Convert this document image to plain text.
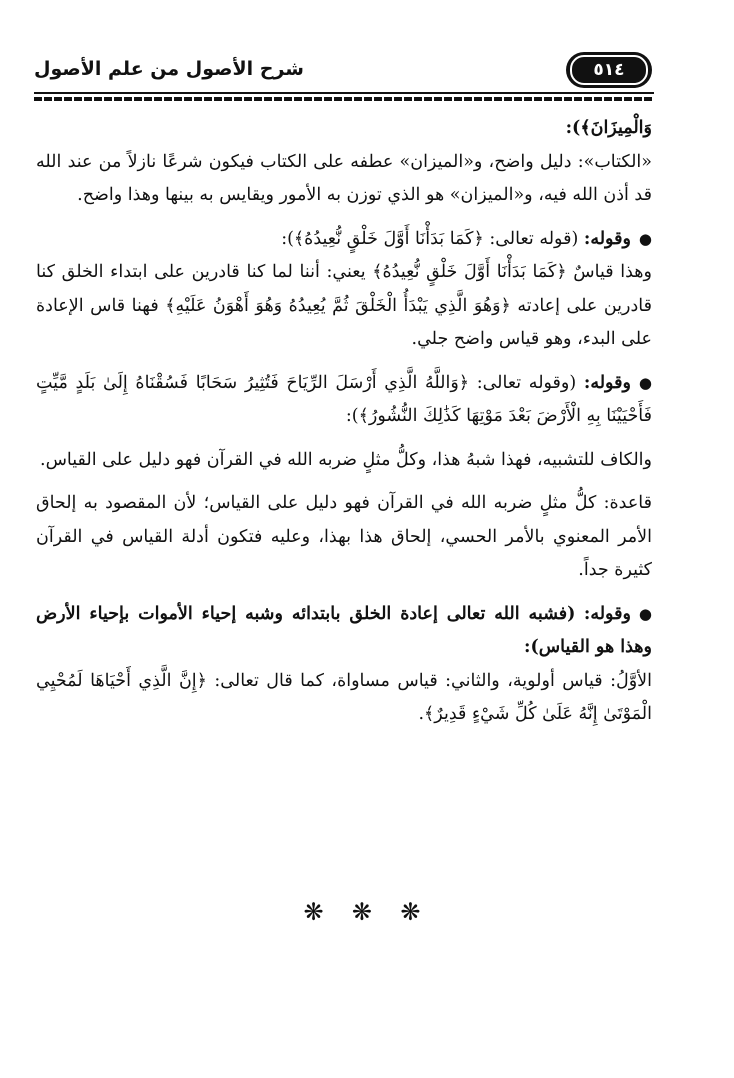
شرح الأصول من علم الأصول	٥١٤

وَالْمِيزَانَ﴾):

«الكتاب»: دليل واضح، و«الميزان» عطفه على الكتاب فيكون شرعًا نازلاً من عند الله قد أذن الله فيه، و«الميزان» هو الذي توزن به الأمور ويقايس به بينها وهذا واضح.

●وقوله: (قوله تعالى: ﴿كَمَا بَدَأْنَا أَوَّلَ خَلْقٍ نُّعِيدُهُ﴾):

وهذا قياسٌ ﴿كَمَا بَدَأْنَا أَوَّلَ خَلْقٍ نُّعِيدُهُ﴾ يعني: أننا لما كنا قادرين على ابتداء الخلق كنا قادرين على إعادته ﴿وَهُوَ الَّذِي يَبْدَأُ الْخَلْقَ ثُمَّ يُعِيدُهُ وَهُوَ أَهْوَنُ عَلَيْهِ﴾ فهنا قاس الإعادة على البدء، وهو قياس واضح جلي.

●وقوله: (وقوله تعالى: ﴿وَاللَّهُ الَّذِي أَرْسَلَ الرِّيَاحَ فَتُثِيرُ سَحَابًا فَسُقْنَاهُ إِلَىٰ بَلَدٍ مَّيِّتٍ فَأَحْيَيْنَا بِهِ الْأَرْضَ بَعْدَ مَوْتِهَا كَذَٰلِكَ النُّشُورُ﴾):

والكاف للتشبيه، فهذا شبهُ هذا، وكلُّ مثلٍ ضربه الله في القرآن فهو دليل على القياس.

قاعدة: كلُّ مثلٍ ضربه الله في القرآن فهو دليل على القياس؛ لأن المقصود به إلحاق الأمر المعنوي بالأمر الحسي، إلحاق هذا بهذا، وعليه فتكون أدلة القياس في القرآن كثيرة جداً.

●وقوله: (فشبه الله تعالى إعادة الخلق بابتدائه وشبه إحياء الأموات بإحياء الأرض وهذا هو القياس):

الأوَّلُ: قياس أولوية، والثاني: قياس مساواة، كما قال تعالى: ﴿إِنَّ الَّذِي أَحْيَاهَا لَمُحْيِي الْمَوْتَىٰ إِنَّهُ عَلَىٰ كُلِّ شَيْءٍ قَدِيرٌ﴾.

❋ ❋ ❋
